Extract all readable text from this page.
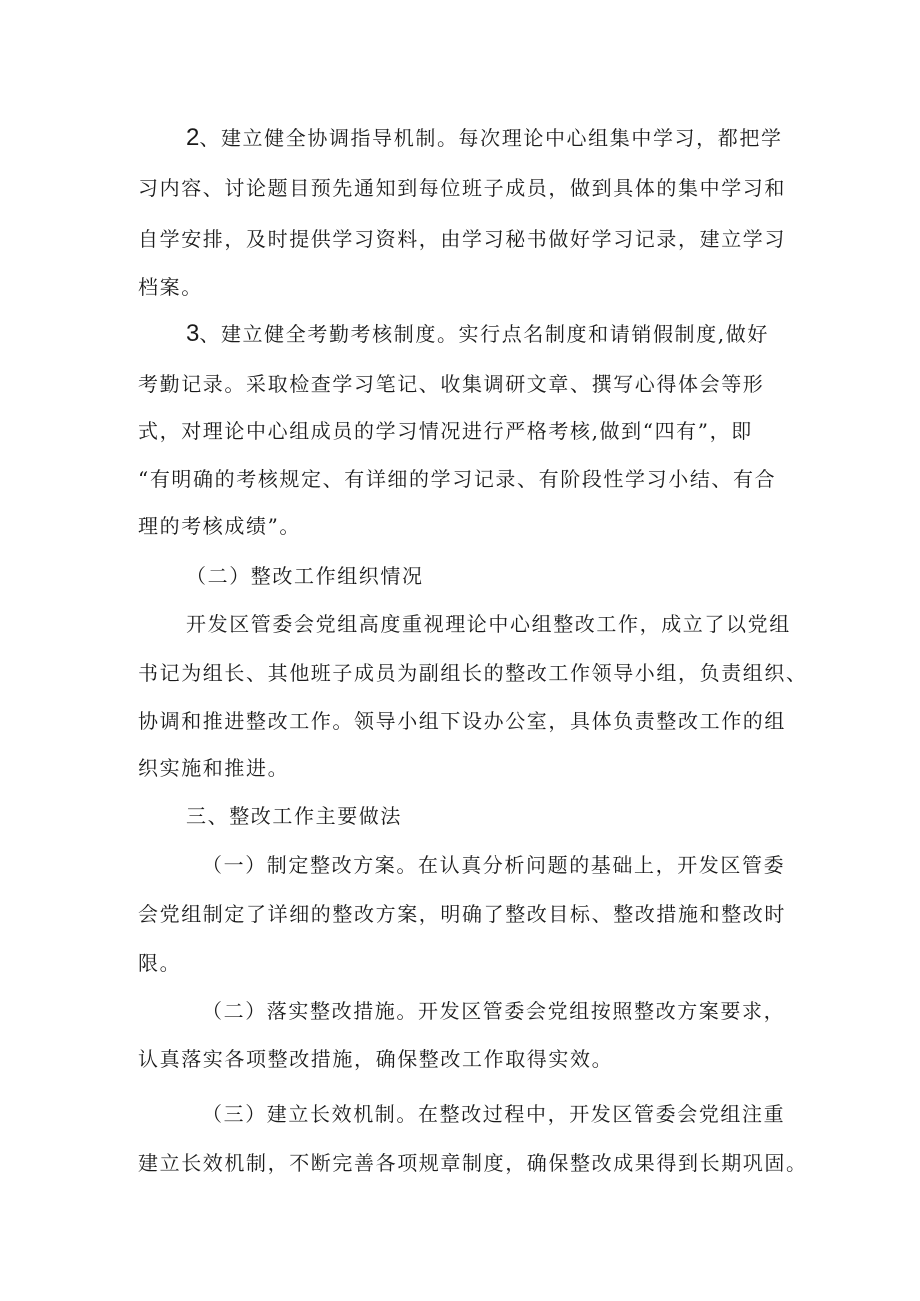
2、建立健全协调指导机制。每次理论中心组集中学习，都把学
习内容、讨论题目预先通知到每位班子成员，做到具体的集中学习和
自学安排，及时提供学习资料，由学习秘书做好学习记录，建立学习
档案。
3、建立健全考勤考核制度。实行点名制度和请销假制度,做好
考勤记录。采取检查学习笔记、收集调研文章、撰写心得体会等形
式，对理论中心组成员的学习情况进行严格考核,做到“四有”，即
“有明确的考核规定、有详细的学习记录、有阶段性学习小结、有合
理的考核成绩”。
（二）整改工作组织情况
开发区管委会党组高度重视理论中心组整改工作，成立了以党组
书记为组长、其他班子成员为副组长的整改工作领导小组，负责组织、
协调和推进整改工作。领导小组下设办公室，具体负责整改工作的组
织实施和推进。
三、整改工作主要做法
（一）制定整改方案。在认真分析问题的基础上，开发区管委
会党组制定了详细的整改方案，明确了整改目标、整改措施和整改时
限。
（二）落实整改措施。开发区管委会党组按照整改方案要求，
认真落实各项整改措施，确保整改工作取得实效。
（三）建立长效机制。在整改过程中，开发区管委会党组注重
建立长效机制，不断完善各项规章制度，确保整改成果得到长期巩固。
